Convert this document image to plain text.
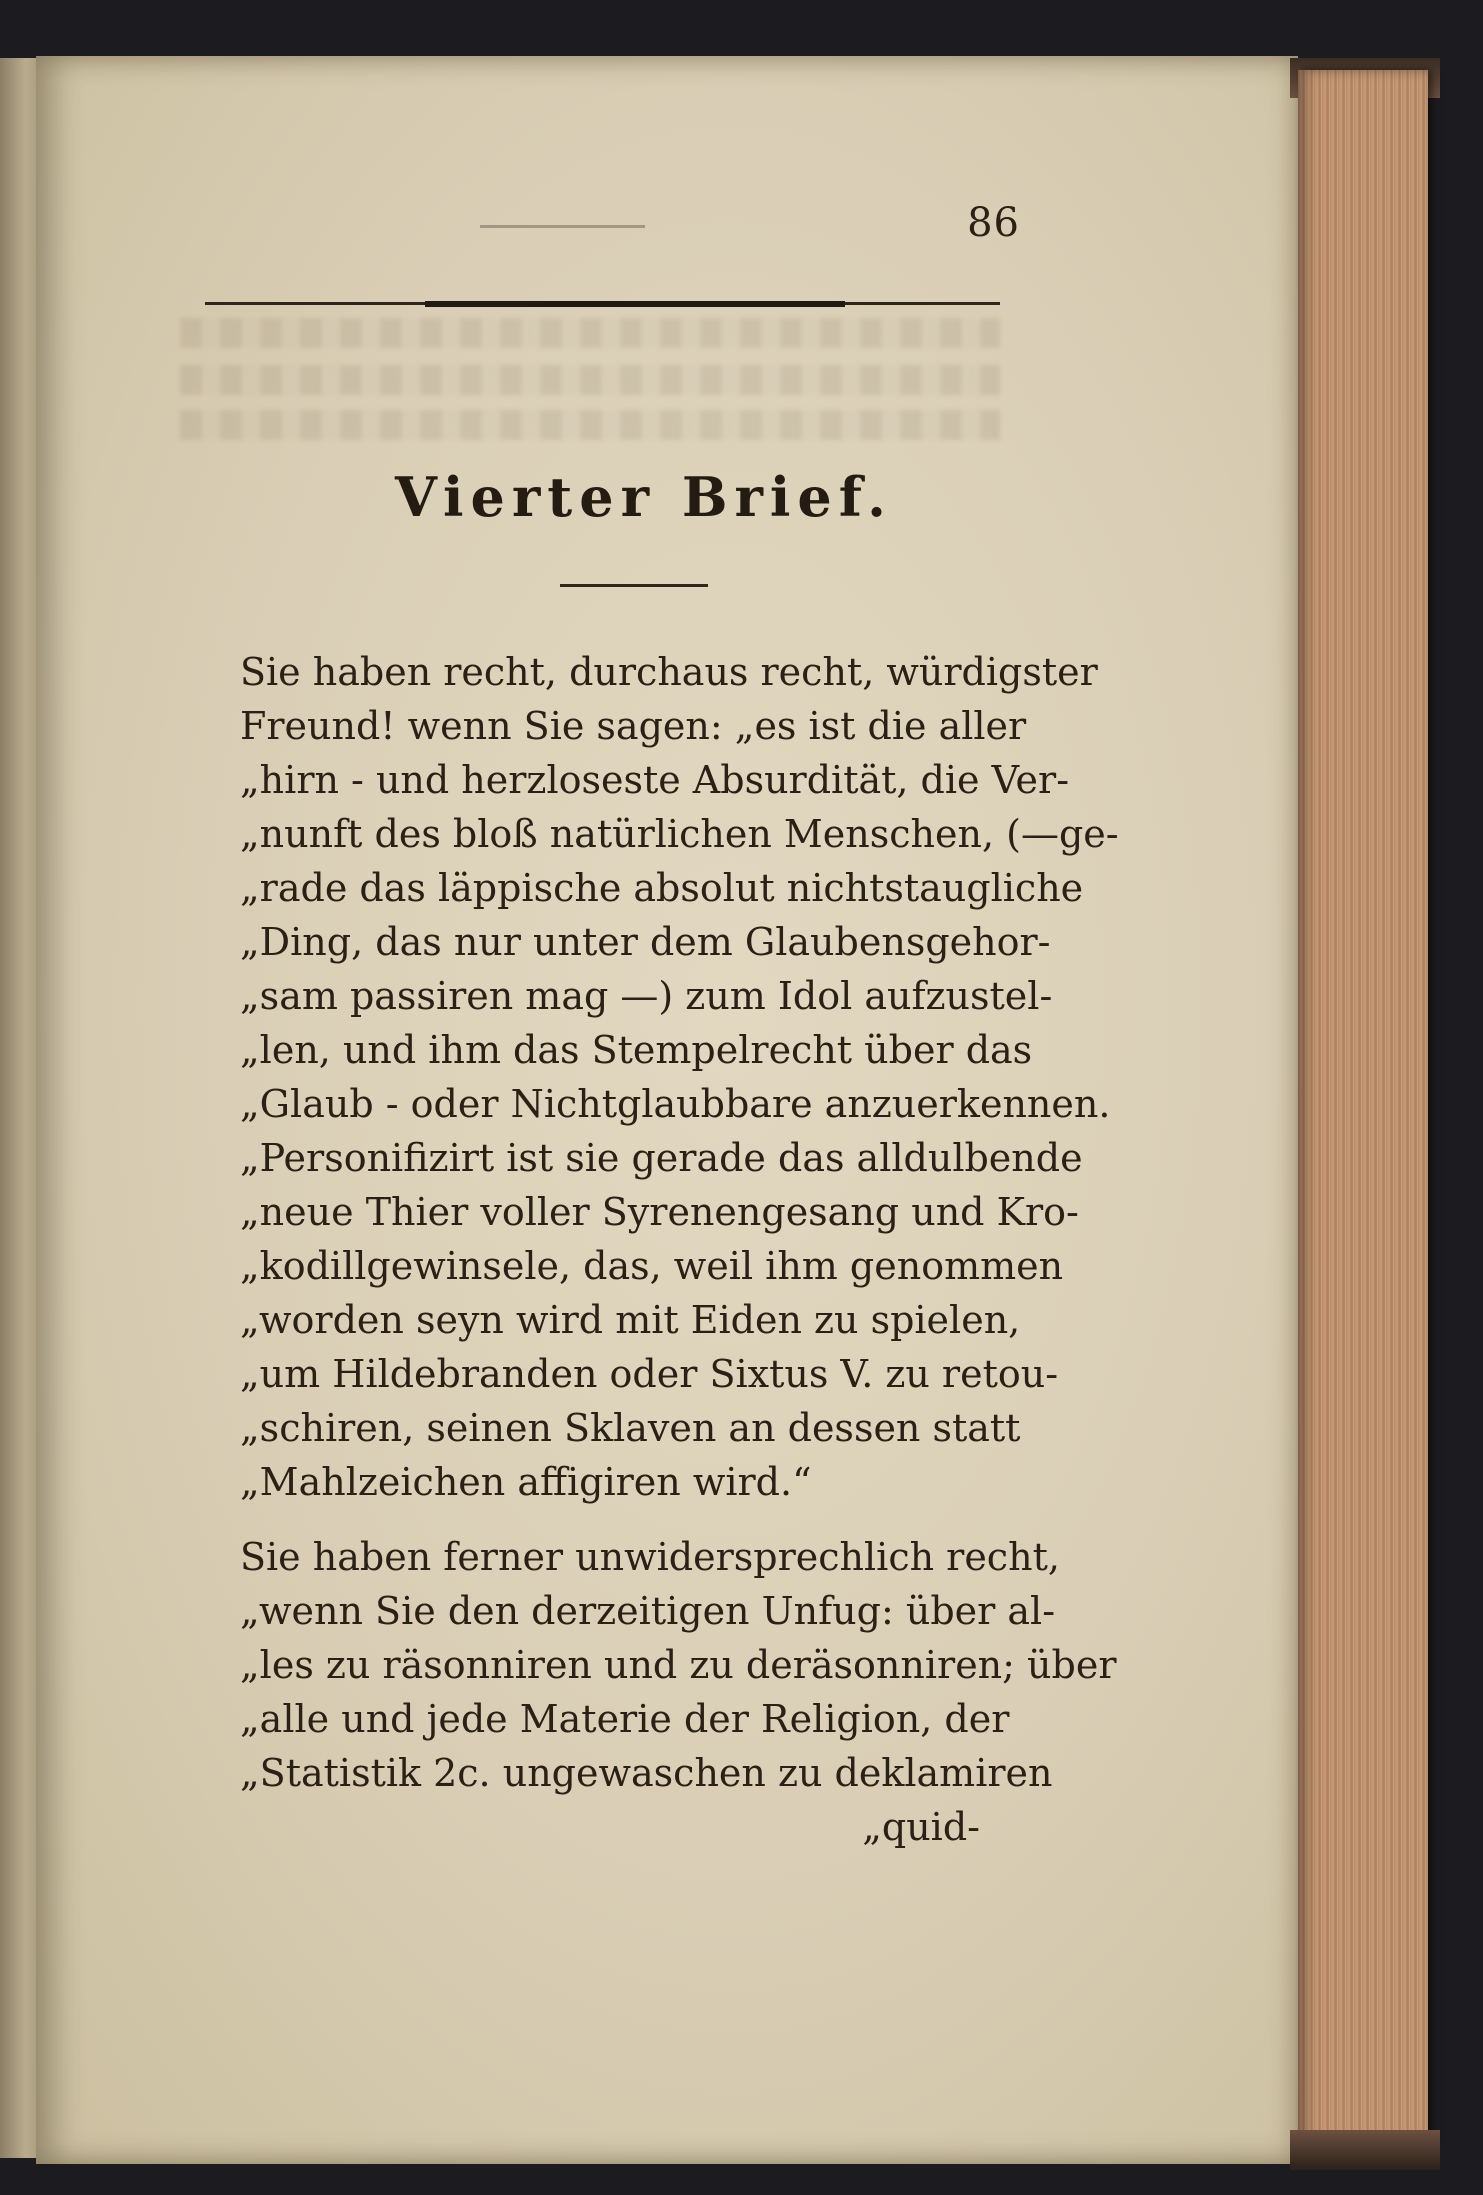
86
Vierter Brief.
Sie haben recht, durchaus recht, würdigster
Freund! wenn Sie sagen: „es ist die aller
„hirn - und herzloseste Absurdität, die Ver-
„nunft des bloß natürlichen Menschen, (—ge-
„rade das läppische absolut nichtstaugliche
„Ding, das nur unter dem Glaubensgehor-
„sam passiren mag —) zum Idol aufzustel-
„len, und ihm das Stempelrecht über das
„Glaub - oder Nichtglaubbare anzuerkennen.
„Personifizirt ist sie gerade das alldulbende
„neue Thier voller Syrenengesang und Kro-
„kodillgewinsele, das, weil ihm genommen
„worden seyn wird mit Eiden zu spielen,
„um Hildebranden oder Sixtus V. zu retou-
„schiren, seinen Sklaven an dessen statt
„Mahlzeichen affigiren wird.“
Sie haben ferner unwidersprechlich recht,
„wenn Sie den derzeitigen Unfug: über al-
„les zu räsonniren und zu deräsonniren; über
„alle und jede Materie der Religion, der
„Statistik 2c. ungewaschen zu deklamiren
„quid-
